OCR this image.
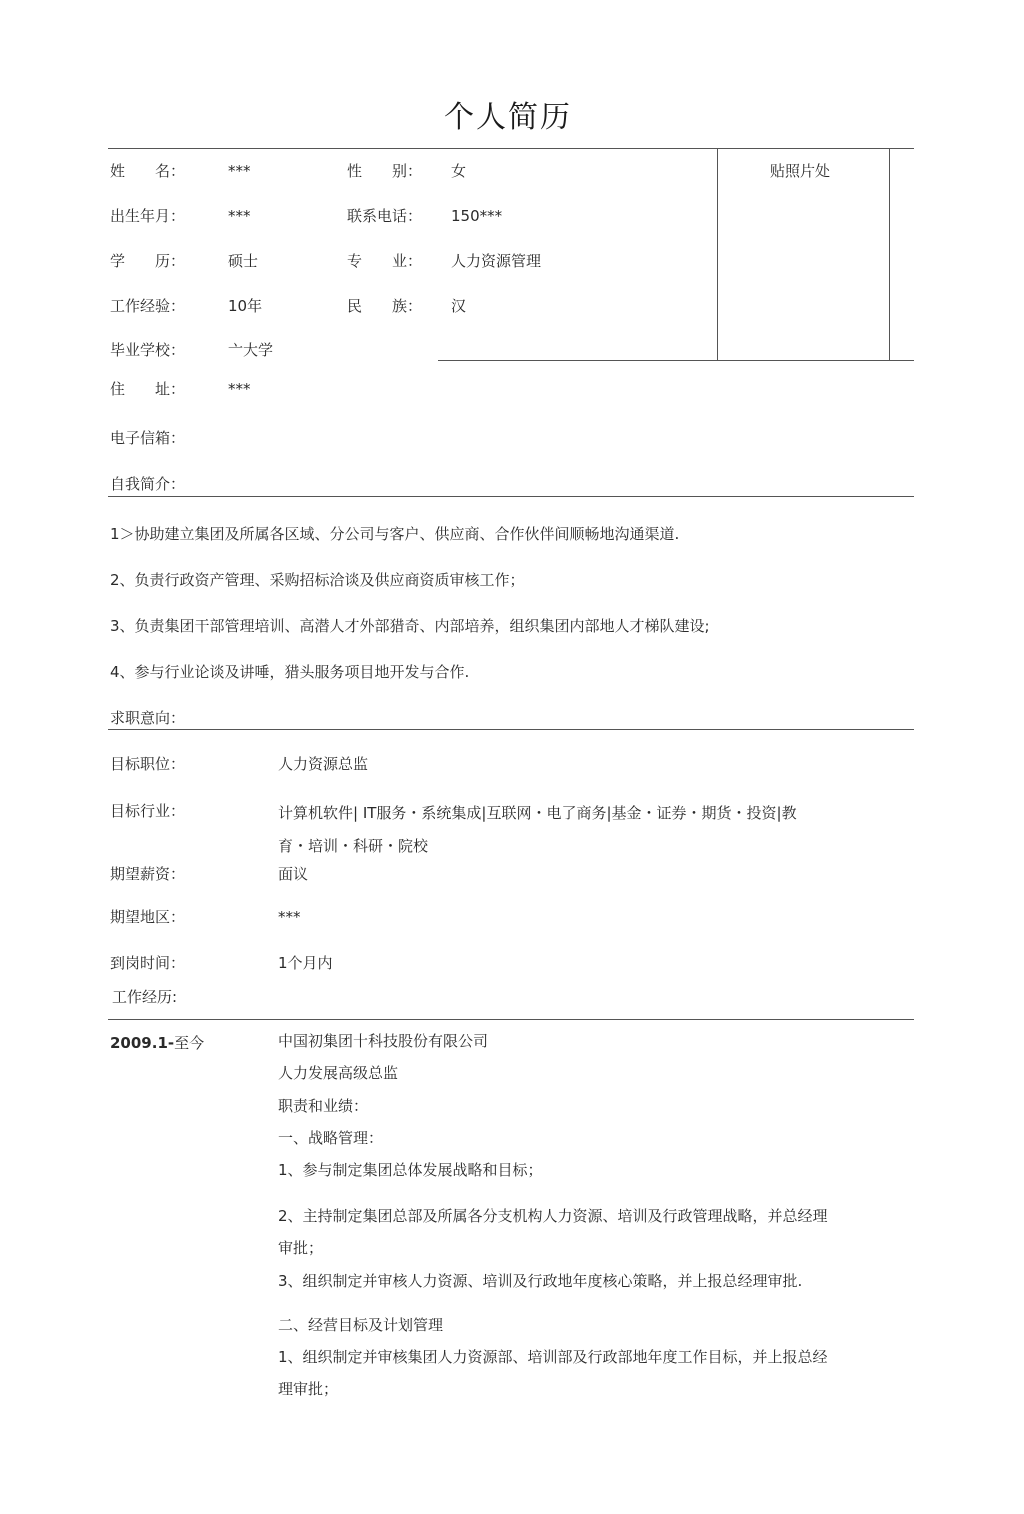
个人简历
贴照片处
姓　　名：	***	性　　别： 女
出生年月：	***	联系电话： 150***
学　　历：	硕士	专　　业： 人力资源管理
工作经验：	10年	民　　族： 汉
毕业学校：	亠大学
住　　址：	***
电子信箱：
自我简介：
1＞协助建立集团及所属各区域、分公司与客户、供应商、合作伙伴间顺畅地沟通渠道.
2、负责行政资产管理、采购招标洽谈及供应商资质审核工作；
3、负责集团干部管理培训、高潜人才外部猎奇、内部培养，组织集团内部地人才梯队建设;
4、参与行业论谈及讲唾，猎头服务项目地开发与合作.
求职意向：
目标职位：	人力资源总监
目标行业：	计算机软件| IT服务・系统集成|互联网・电了商务|基金・证券・期货・投资|教
育・培训・科研・院校
期望薪资：	面议
期望地区：	***
到岗时间：	1个月内
工作经历:
2009.1-至今	中国初集团十科技股份有限公司
人力发展高级总监
职责和业绩：
一、战略管理：
1、参与制定集团总体发展战略和目标；
2、主持制定集团总部及所属各分支机构人力资源、培训及行政管理战略，并总经理
审批；
3、组织制定并审核人力资源、培训及行政地年度核心策略，并上报总经理审批.
二、经营目标及计划管理
1、组织制定并审核集团人力资源部、培训部及行政部地年度工作目标，并上报总经
理审批；
